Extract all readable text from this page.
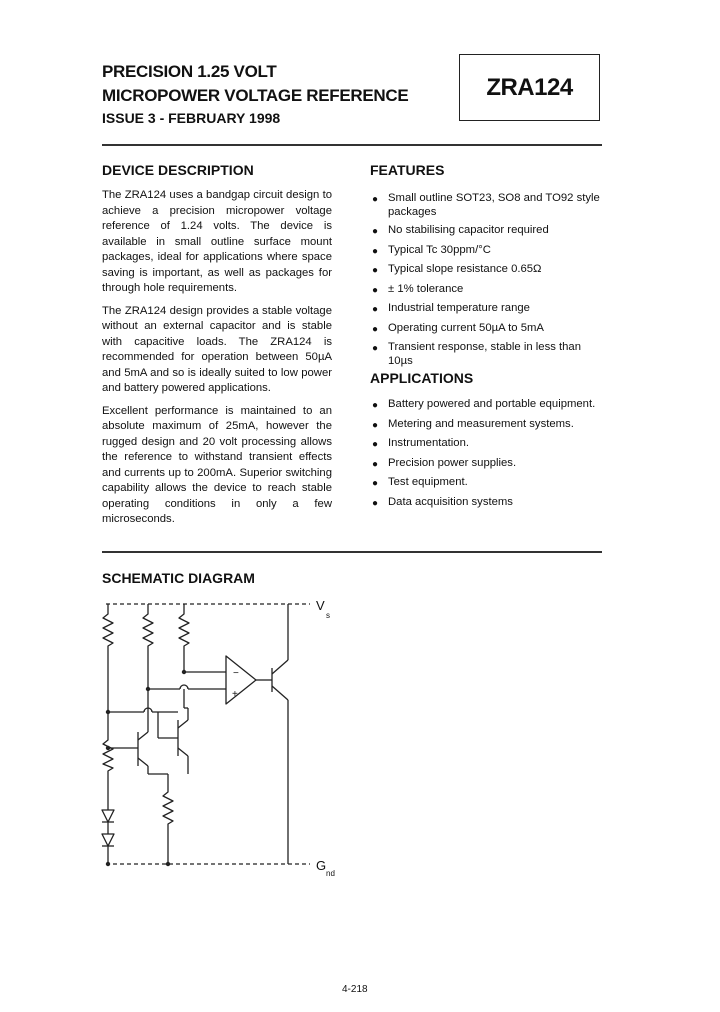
PRECISION 1.25 VOLT
MICROPOWER VOLTAGE REFERENCE
ISSUE 3 - FEBRUARY 1998
ZRA124
DEVICE DESCRIPTION

The ZRA124 uses a bandgap circuit design to achieve a precision micropower voltage reference of 1.24 volts. The device is available in small outline surface mount packages, ideal for applications where space saving is important, as well as packages for through hole requirements.

The ZRA124 design provides a stable voltage without an external capacitor and is stable with capacitive loads. The ZRA124 is recommended for operation between 50µA and 5mA and so is ideally suited to low power and battery powered applications.

Excellent performance is maintained to an absolute maximum of 25mA, however the rugged design and 20 volt processing allows the reference to withstand transient effects and currents up to 200mA. Superior switching capability allows the device to reach stable operating conditions in only a few microseconds.

FEATURES
● Small outline SOT23, SO8 and TO92 style packages
● No stabilising capacitor required
● Typical Tc 30ppm/°C
● Typical slope resistance 0.65Ω
● ± 1% tolerance
● Industrial temperature range
● Operating current 50µA to 5mA
● Transient response, stable in less than 10µs
APPLICATIONS
● Battery powered and portable equipment.
● Metering and measurement systems.
● Instrumentation.
● Precision power supplies.
● Test equipment.
● Data acquisition systems
SCHEMATIC DIAGRAM
−
+
V
s
G
nd
4-218
